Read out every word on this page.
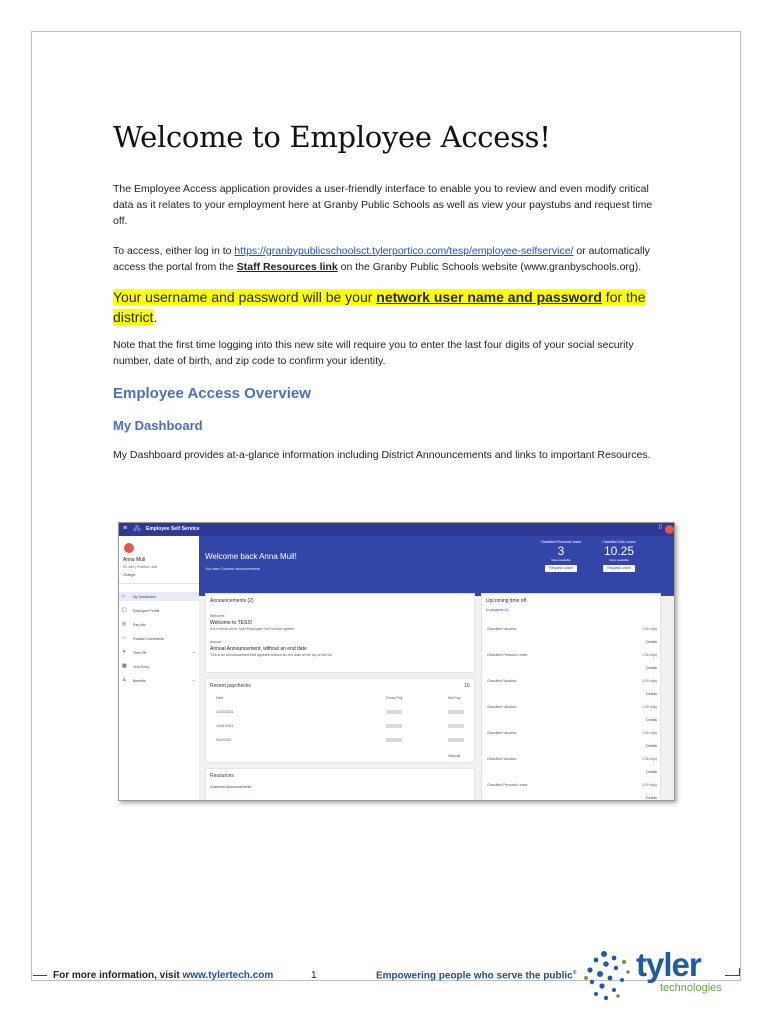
Welcome to Employee Access!

The Employee Access application provides a user-friendly interface to enable you to review and even modify critical data as it relates to your employment here at Granby Public Schools as well as view your paystubs and request time off.

To access, either log in to https://granbypublicschoolsct.tylerportico.com/tesp/employee-selfservice/ or automatically access the portal from the Staff Resources link on the Granby Public Schools website (www.granbyschools.org).

Your username and password will be your network user name and password for the district.

Note that the first time logging into this new site will require you to enter the last four digits of your social security number, date of birth, and zip code to confirm your identity.

Employee Access Overview
My Dashboard

My Dashboard provides at-a-glance information including District Announcements and links to important Resources.

≡ ⁂ Employee Self Service	⁞⁞
Anna Mull
ID: ### | Position: ###
Change
⌂ My Dashboard
▢ Employee Profile
◎ Pay Info
○ Position Documents
✈ Time Off	⌄
▦ Year Entry
♙ Benefits	⌄
Welcome back Anna Mull!
You have 2 unread announcements
Classified Personal Leave
3
Days available
Request Leave
Classified Sick Leave
10.25
Days available
Request Leave
Announcements (2)
Welcome
Welcome to TESS!
It is a mess of the Tyler Employee Self Service system.
Annual
Annual Announcement, without an end date
This is an announcement that appears without an end date at the top of the list.
Recent paychecks	10
Date	Gross Pay	Net Pay
10/15/2021
10/01/2021
9/15/2021
View all
Resources
Customer Announcements
Upcoming time off
In progress (4)
Classified Vacation	1.00 hr(s)
Details
Classified Personal Leave	1.00 hr(s)
Details
Classified Vacation	1.00 hr(s)
Details
Classified Vacation	1.00 hr(s)
Details
Classified Vacation	1.00 hr(s)
Details
Classified Vacation	1.00 hr(s)
Details
Classified Personal Leave	1.00 hr(s)
Details
For more information, visit www.tylertech.com	1	Empowering people who serve the public® tyler
technologies
